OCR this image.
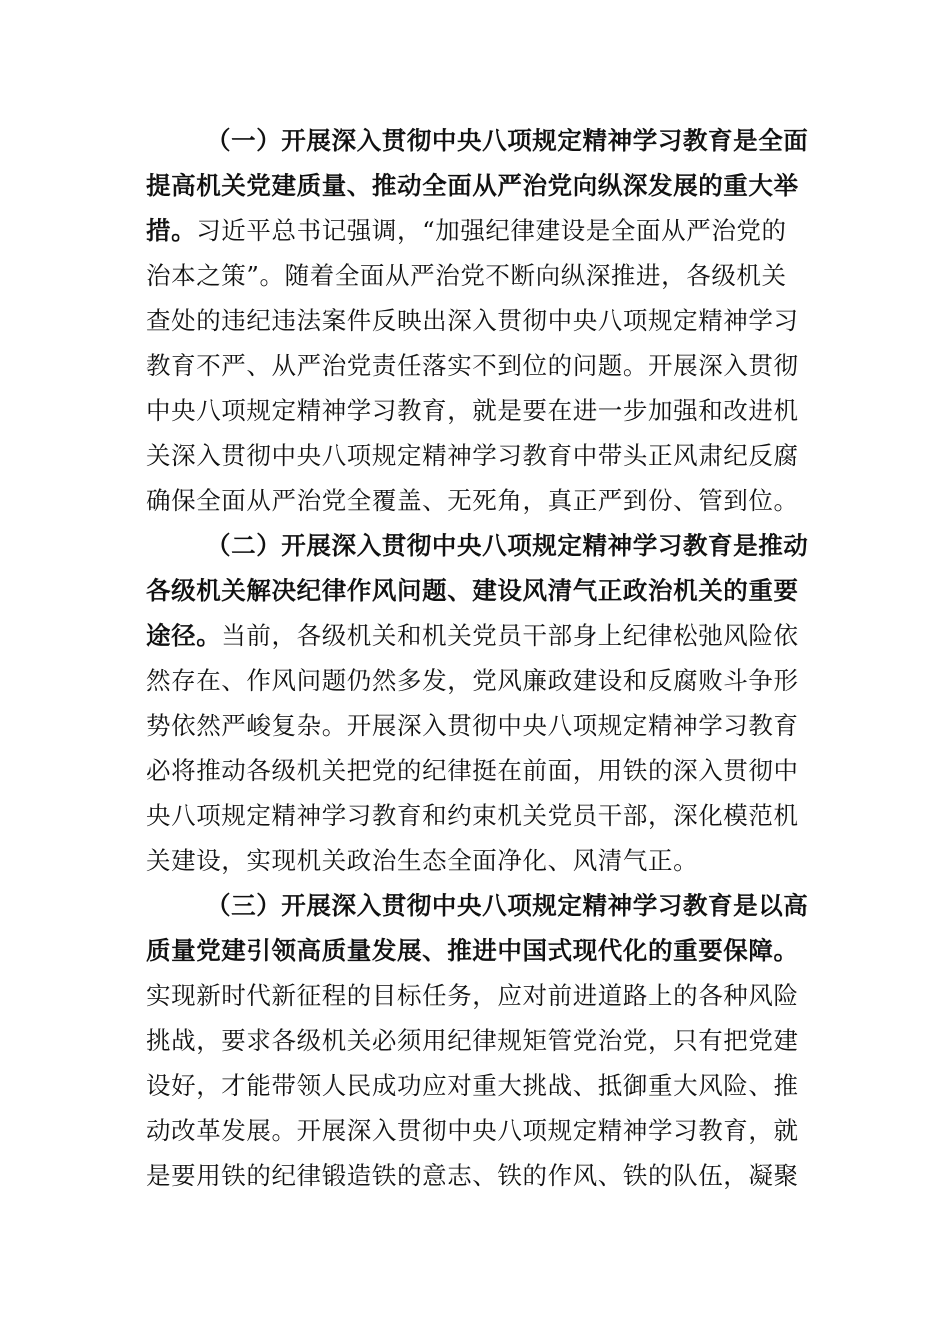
（一）开展深入贯彻中央八项规定精神学习教育是全面
提高机关党建质量、推动全面从严治党向纵深发展的重大举
措。习近平总书记强调，“加强纪律建设是全面从严治党的
治本之策”。随着全面从严治党不断向纵深推进，各级机关
查处的违纪违法案件反映出深入贯彻中央八项规定精神学习
教育不严、从严治党责任落实不到位的问题。开展深入贯彻
中央八项规定精神学习教育，就是要在进一步加强和改进机
关深入贯彻中央八项规定精神学习教育中带头正风肃纪反腐
确保全面从严治党全覆盖、无死角，真正严到份、管到位。
（二）开展深入贯彻中央八项规定精神学习教育是推动
各级机关解决纪律作风问题、建设风清气正政治机关的重要
途径。当前，各级机关和机关党员干部身上纪律松弛风险依
然存在、作风问题仍然多发，党风廉政建设和反腐败斗争形
势依然严峻复杂。开展深入贯彻中央八项规定精神学习教育
必将推动各级机关把党的纪律挺在前面，用铁的深入贯彻中
央八项规定精神学习教育和约束机关党员干部，深化模范机
关建设，实现机关政治生态全面净化、风清气正。
（三）开展深入贯彻中央八项规定精神学习教育是以高
质量党建引领高质量发展、推进中国式现代化的重要保障。
实现新时代新征程的目标任务，应对前进道路上的各种风险
挑战，要求各级机关必须用纪律规矩管党治党，只有把党建
设好，才能带领人民成功应对重大挑战、抵御重大风险、推
动改革发展。开展深入贯彻中央八项规定精神学习教育，就
是要用铁的纪律锻造铁的意志、铁的作风、铁的队伍，凝聚
